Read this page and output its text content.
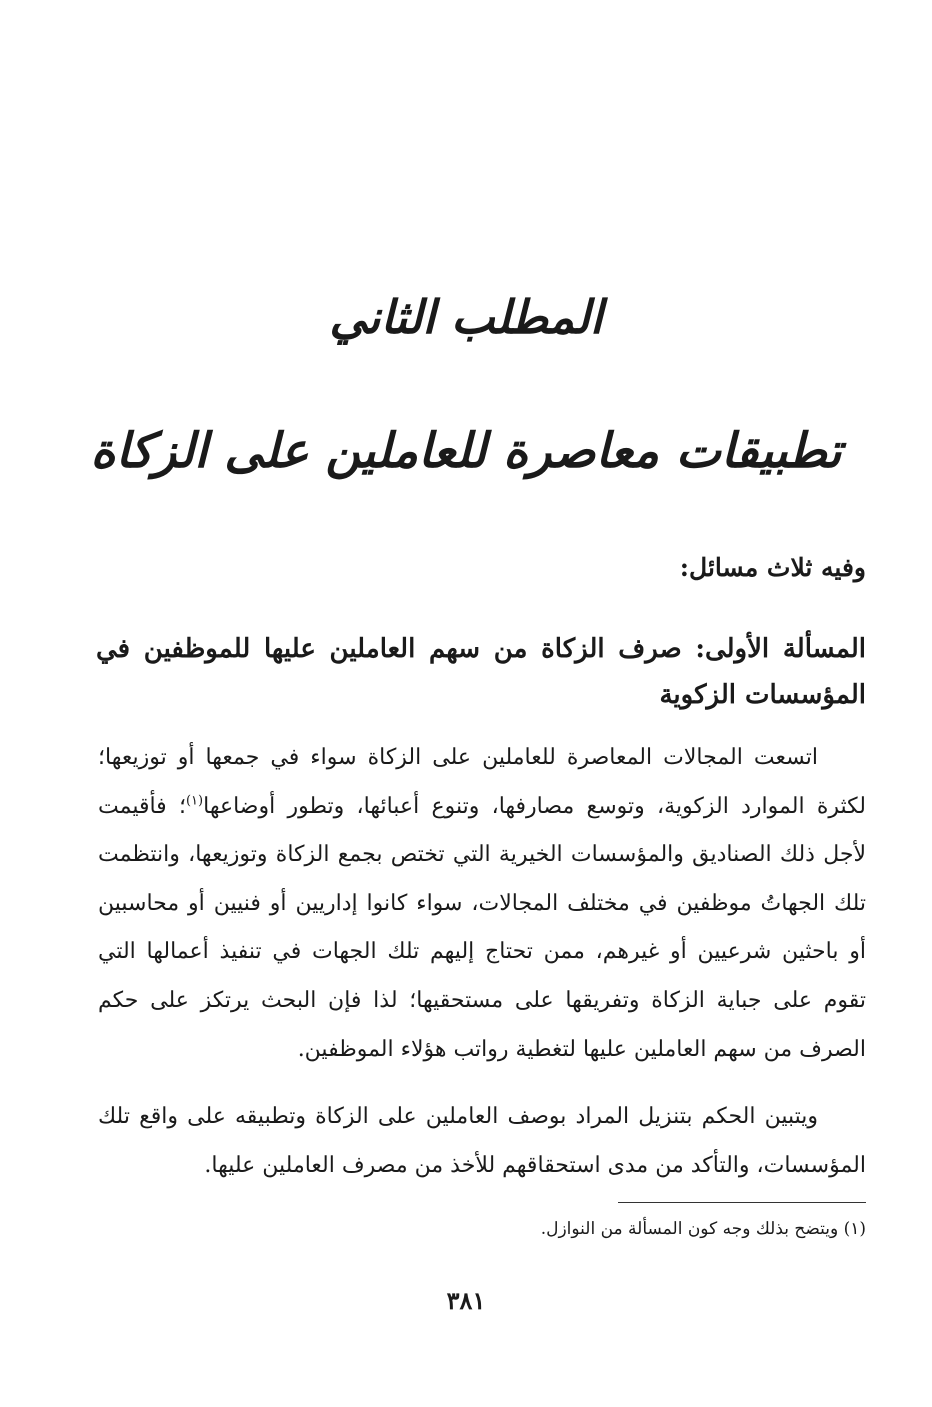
المطلب الثاني
تطبيقات معاصرة للعاملين على الزكاة
وفيه ثلاث مسائل:
المسألة الأولى: صرف الزكاة من سهم العاملين عليها للموظفين في المؤسسات الزكوية

اتسعت المجالات المعاصرة للعاملين على الزكاة سواء في جمعها أو توزيعها؛ لكثرة الموارد الزكوية، وتوسع مصارفها، وتنوع أعبائها، وتطور أوضاعها$^{(١)}$؛ فأقيمت لأجل ذلك الصناديق والمؤسسات الخيرية التي تختص بجمع الزكاة وتوزيعها، وانتظمت تلك الجهاتُ موظفين في مختلف المجالات، سواء كانوا إداريين أو فنيين أو محاسبين أو باحثين شرعيين أو غيرهم، ممن تحتاج إليهم تلك الجهات في تنفيذ أعمالها التي تقوم على جباية الزكاة وتفريقها على مستحقيها؛ لذا فإن البحث يرتكز على حكم الصرف من سهم العاملين عليها لتغطية رواتب هؤلاء الموظفين.

ويتبين الحكم بتنزيل المراد بوصف العاملين على الزكاة وتطبيقه على واقع تلك المؤسسات، والتأكد من مدى استحقاقهم للأخذ من مصرف العاملين عليها.

(١) ويتضح بذلك وجه كون المسألة من النوازل.
٣٨١
